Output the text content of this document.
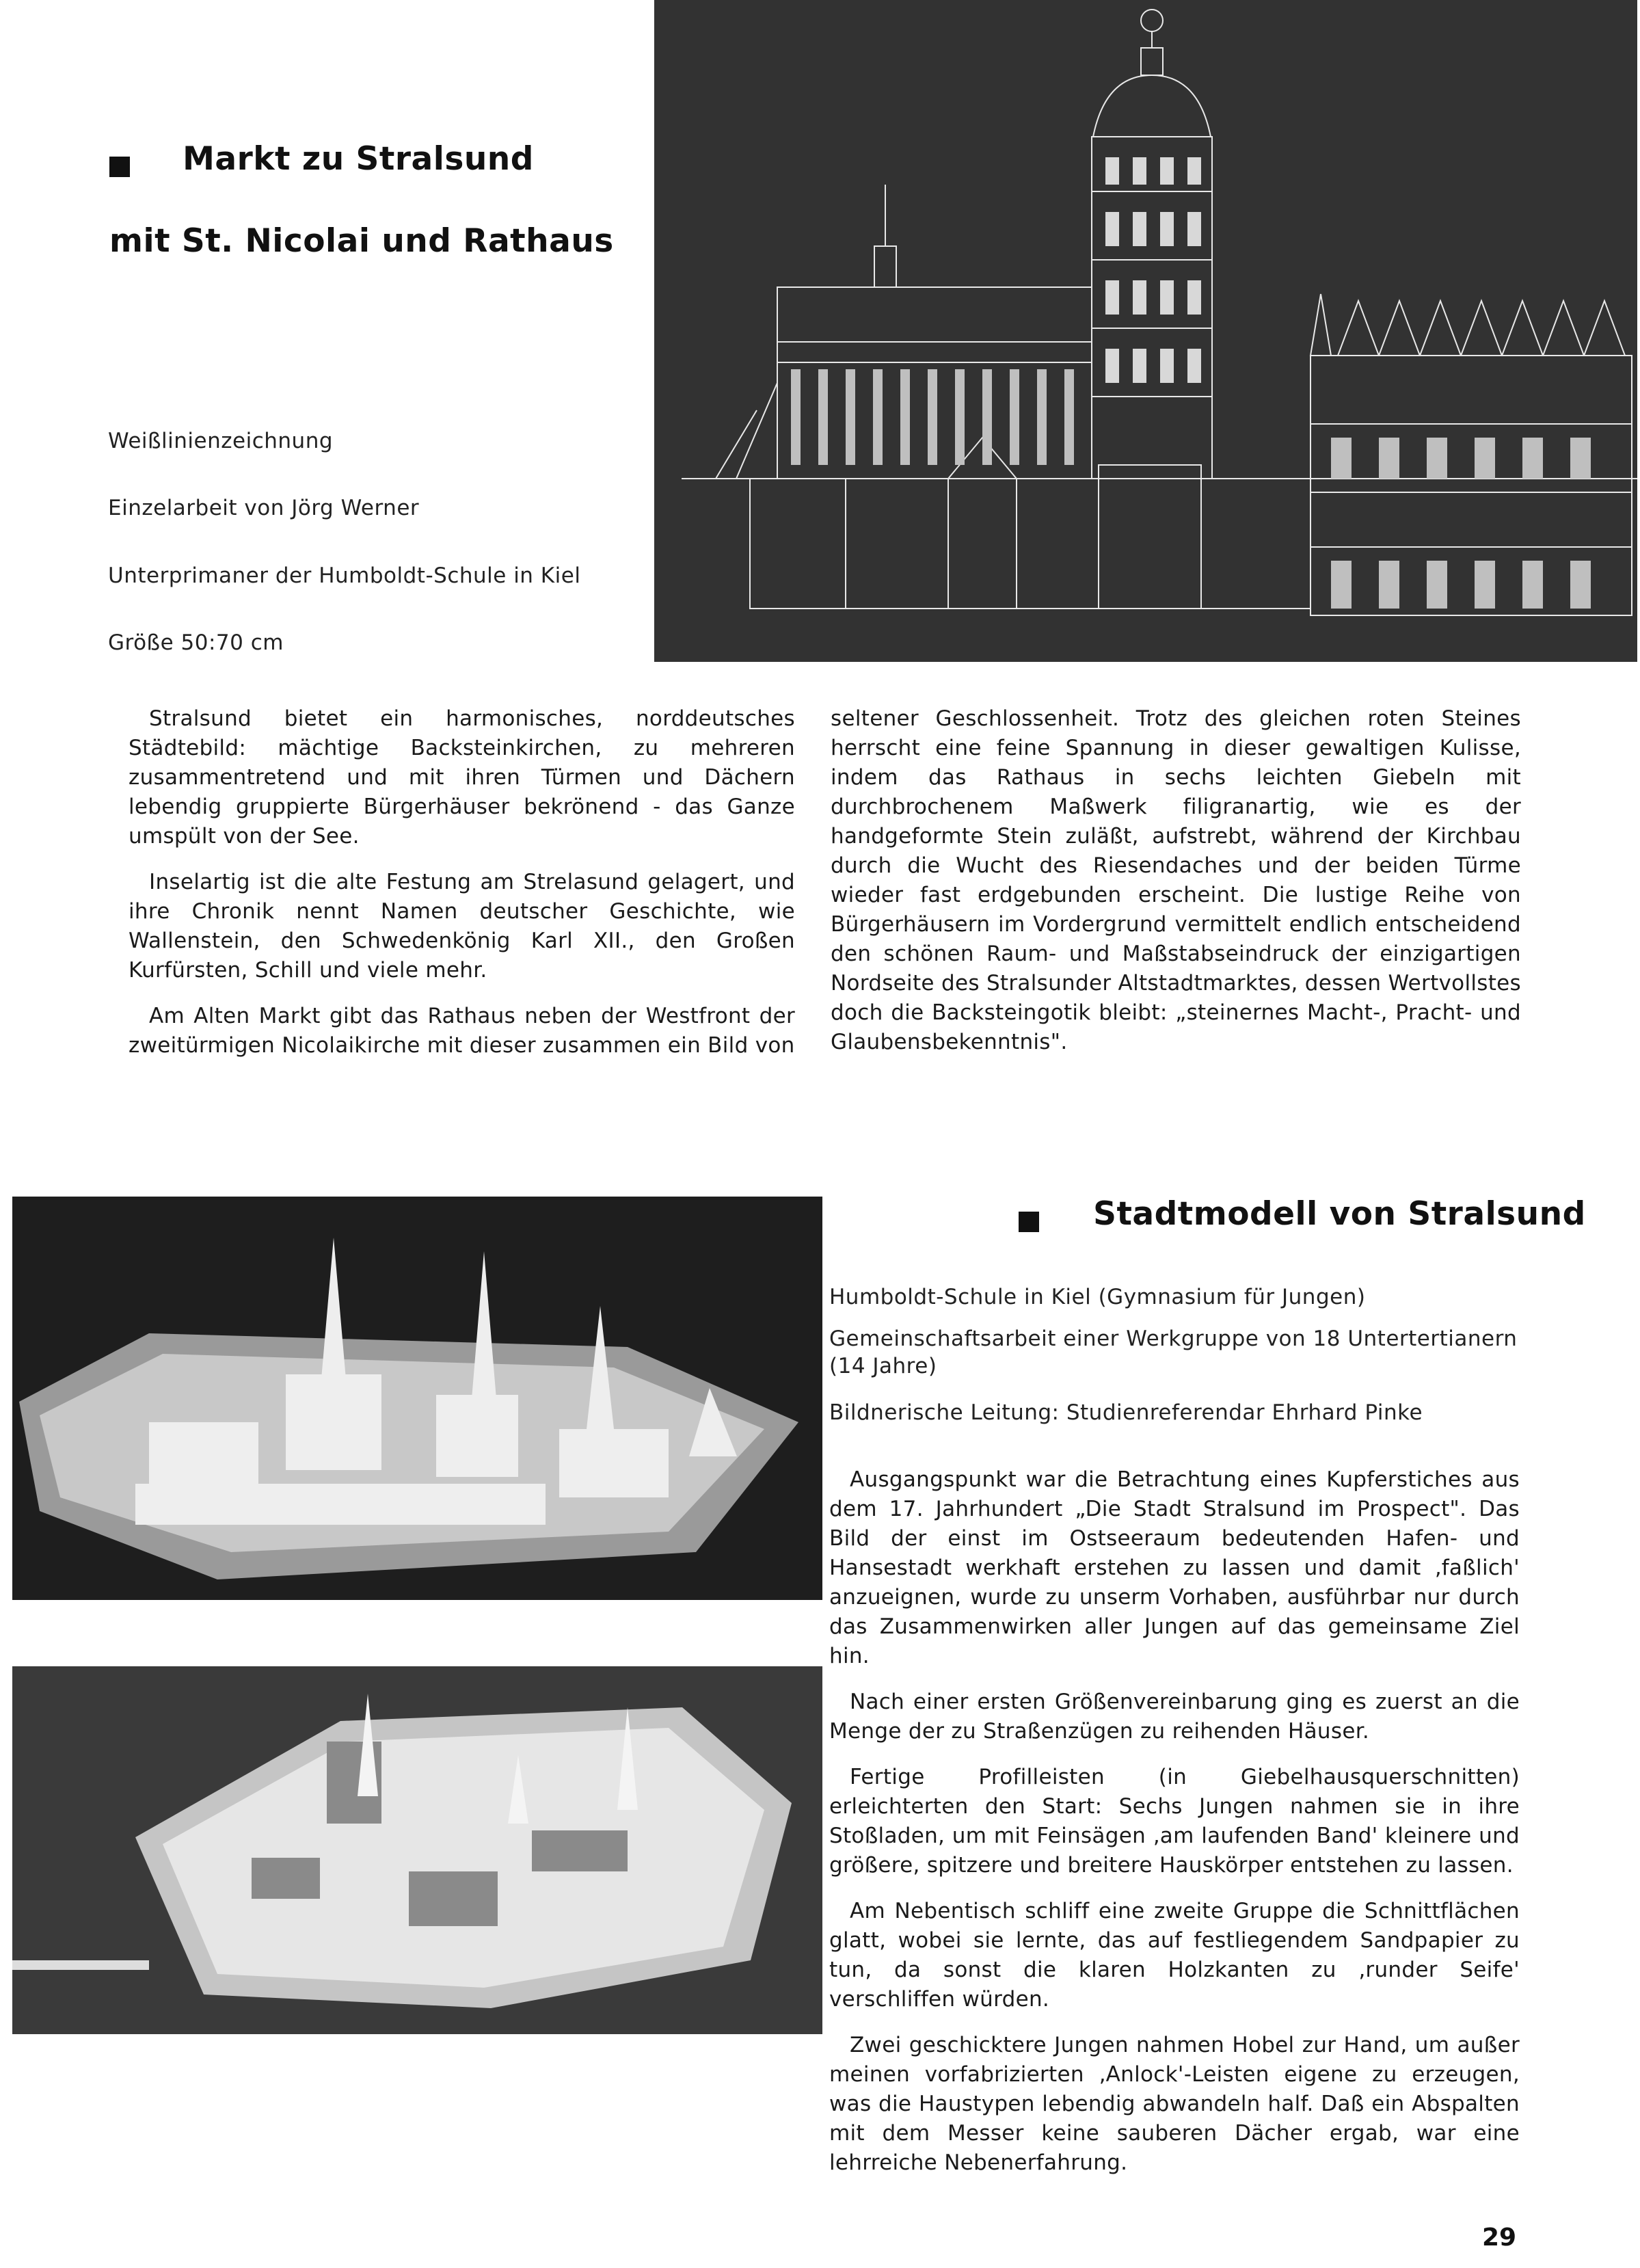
Markt zu Stralsund
mit St. Nicolai und Rathaus
Weißlinienzeichnung
Einzelarbeit von Jörg Werner
Unterprimaner der Humboldt-Schule in Kiel
Größe 50:70 cm

Stralsund bietet ein harmonisches, norddeutsches Städtebild: mächtige Backsteinkirchen, zu mehreren zusammentretend und mit ihren Türmen und Dächern lebendig gruppierte Bürgerhäuser bekrönend - das Ganze umspült von der See.

Inselartig ist die alte Festung am Strelasund gelagert, und ihre Chronik nennt Namen deutscher Geschichte, wie Wallenstein, den Schwedenkönig Karl XII., den Großen Kurfürsten, Schill und viele mehr.

Am Alten Markt gibt das Rathaus neben der Westfront der zweitürmigen Nicolaikirche mit dieser zusammen ein Bild von

seltener Geschlossenheit. Trotz des gleichen roten Steines herrscht eine feine Spannung in dieser gewaltigen Kulisse, indem das Rathaus in sechs leichten Giebeln mit durchbrochenem Maßwerk filigranartig, wie es der handgeformte Stein zuläßt, aufstrebt, während der Kirchbau durch die Wucht des Riesendaches und der beiden Türme wieder fast erdgebunden erscheint. Die lustige Reihe von Bürgerhäusern im Vordergrund vermittelt endlich entscheidend den schönen Raum- und Maßstabseindruck der einzigartigen Nordseite des Stralsunder Altstadtmarktes, dessen Wertvollstes doch die Backsteingotik bleibt: „steinernes Macht-, Pracht- und Glaubensbekenntnis".

Stadtmodell von Stralsund
Humboldt-Schule in Kiel (Gymnasium für Jungen)
Gemeinschaftsarbeit einer Werkgruppe von 18 Untertertianern (14 Jahre)
Bildnerische Leitung: Studienreferendar Ehrhard Pinke

Ausgangspunkt war die Betrachtung eines Kupferstiches aus dem 17. Jahrhundert „Die Stadt Stralsund im Prospect". Das Bild der einst im Ostseeraum bedeutenden Hafen- und Hansestadt werkhaft erstehen zu lassen und damit ‚faßlich' anzueignen, wurde zu unserm Vorhaben, ausführbar nur durch das Zusammenwirken aller Jungen auf das gemeinsame Ziel hin.

Nach einer ersten Größenvereinbarung ging es zuerst an die Menge der zu Straßenzügen zu reihenden Häuser.

Fertige Profilleisten (in Giebelhausquerschnitten) erleichterten den Start: Sechs Jungen nahmen sie in ihre Stoßladen, um mit Feinsägen ‚am laufenden Band' kleinere und größere, spitzere und breitere Hauskörper entstehen zu lassen.

Am Nebentisch schliff eine zweite Gruppe die Schnittflächen glatt, wobei sie lernte, das auf festliegendem Sandpapier zu tun, da sonst die klaren Holzkanten zu ‚runder Seife' verschliffen würden.

Zwei geschicktere Jungen nahmen Hobel zur Hand, um außer meinen vorfabrizierten ‚Anlock'-Leisten eigene zu erzeugen, was die Haustypen lebendig abwandeln half. Daß ein Abspalten mit dem Messer keine sauberen Dächer ergab, war eine lehrreiche Nebenerfahrung.

29
